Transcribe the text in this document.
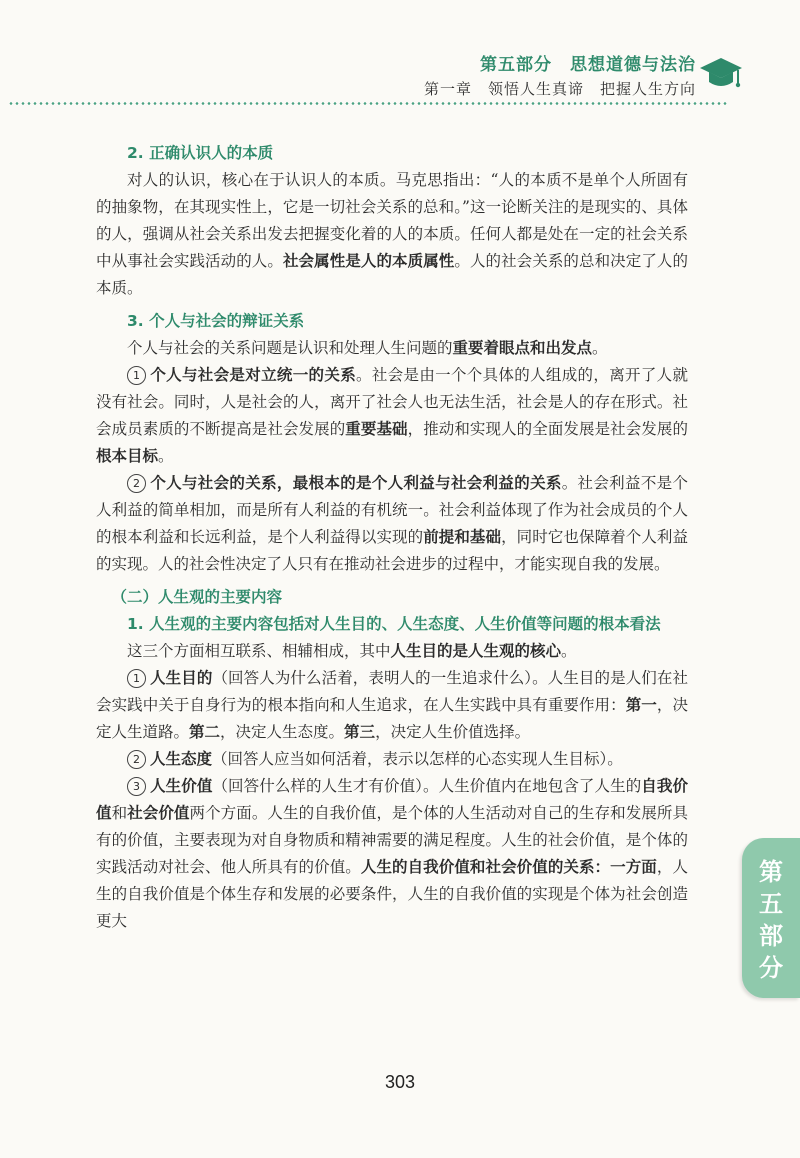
第五部分　思想道德与法治
第一章　领悟人生真谛　把握人生方向

2. 正确认识人的本质

对人的认识，核心在于认识人的本质。马克思指出：“人的本质不是单个人所固有的抽象物，在其现实性上，它是一切社会关系的总和。”这一论断关注的是现实的、具体的人，强调从社会关系出发去把握变化着的人的本质。任何人都是处在一定的社会关系中从事社会实践活动的人。社会属性是人的本质属性。人的社会关系的总和决定了人的本质。

3. 个人与社会的辩证关系

个人与社会的关系问题是认识和处理人生问题的重要着眼点和出发点。

1 个人与社会是对立统一的关系。社会是由一个个具体的人组成的，离开了人就没有社会。同时，人是社会的人，离开了社会人也无法生活，社会是人的存在形式。社会成员素质的不断提高是社会发展的重要基础，推动和实现人的全面发展是社会发展的根本目标。

2 个人与社会的关系，最根本的是个人利益与社会利益的关系。社会利益不是个人利益的简单相加，而是所有人利益的有机统一。社会利益体现了作为社会成员的个人的根本利益和长远利益，是个人利益得以实现的前提和基础，同时它也保障着个人利益的实现。人的社会性决定了人只有在推动社会进步的过程中，才能实现自我的发展。

（二）人生观的主要内容

1. 人生观的主要内容包括对人生目的、人生态度、人生价值等问题的根本看法

这三个方面相互联系、相辅相成，其中人生目的是人生观的核心。

1 人生目的（回答人为什么活着，表明人的一生追求什么）。人生目的是人们在社会实践中关于自身行为的根本指向和人生追求，在人生实践中具有重要作用：第一，决定人生道路。第二，决定人生态度。第三，决定人生价值选择。

2 人生态度（回答人应当如何活着，表示以怎样的心态实现人生目标）。

3 人生价值（回答什么样的人生才有价值）。人生价值内在地包含了人生的自我价值和社会价值两个方面。人生的自我价值，是个体的人生活动对自己的生存和发展所具有的价值，主要表现为对自身物质和精神需要的满足程度。人生的社会价值，是个体的实践活动对社会、他人所具有的价值。人生的自我价值和社会价值的关系：一方面，人生的自我价值是个体生存和发展的必要条件，人生的自我价值的实现是个体为社会创造更大

第五部分
303
